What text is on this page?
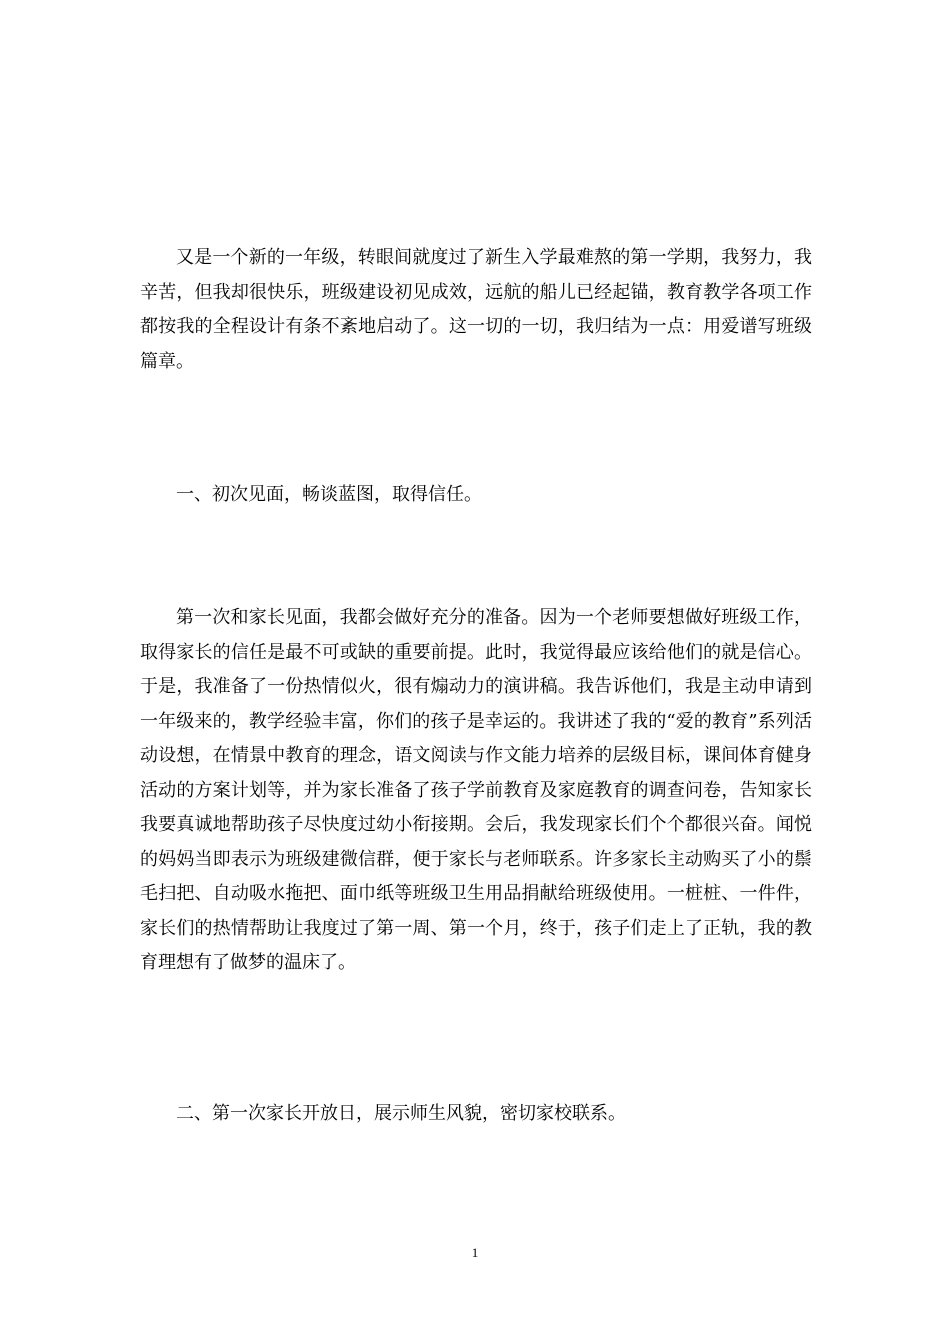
又是一个新的一年级，转眼间就度过了新生入学最难熬的第一学期，我努力，我辛苦，但我却很快乐，班级建设初见成效，远航的船儿已经起锚，教育教学各项工作都按我的全程设计有条不紊地启动了。这一切的一切，我归结为一点：用爱谱写班级篇章。

一、初次见面，畅谈蓝图，取得信任。

第一次和家长见面，我都会做好充分的准备。因为一个老师要想做好班级工作，取得家长的信任是最不可或缺的重要前提。此时，我觉得最应该给他们的就是信心。于是，我准备了一份热情似火，很有煽动力的演讲稿。我告诉他们，我是主动申请到一年级来的，教学经验丰富，你们的孩子是幸运的。我讲述了我的“爱的教育”系列活动设想，在情景中教育的理念，语文阅读与作文能力培养的层级目标，课间体育健身活动的方案计划等，并为家长准备了孩子学前教育及家庭教育的调查问卷，告知家长我要真诚地帮助孩子尽快度过幼小衔接期。会后，我发现家长们个个都很兴奋。闻悦的妈妈当即表示为班级建微信群，便于家长与老师联系。许多家长主动购买了小的鬃毛扫把、自动吸水拖把、面巾纸等班级卫生用品捐献给班级使用。一桩桩、一件件，家长们的热情帮助让我度过了第一周、第一个月，终于，孩子们走上了正轨，我的教育理想有了做梦的温床了。

二、第一次家长开放日，展示师生风貌，密切家校联系。

1
